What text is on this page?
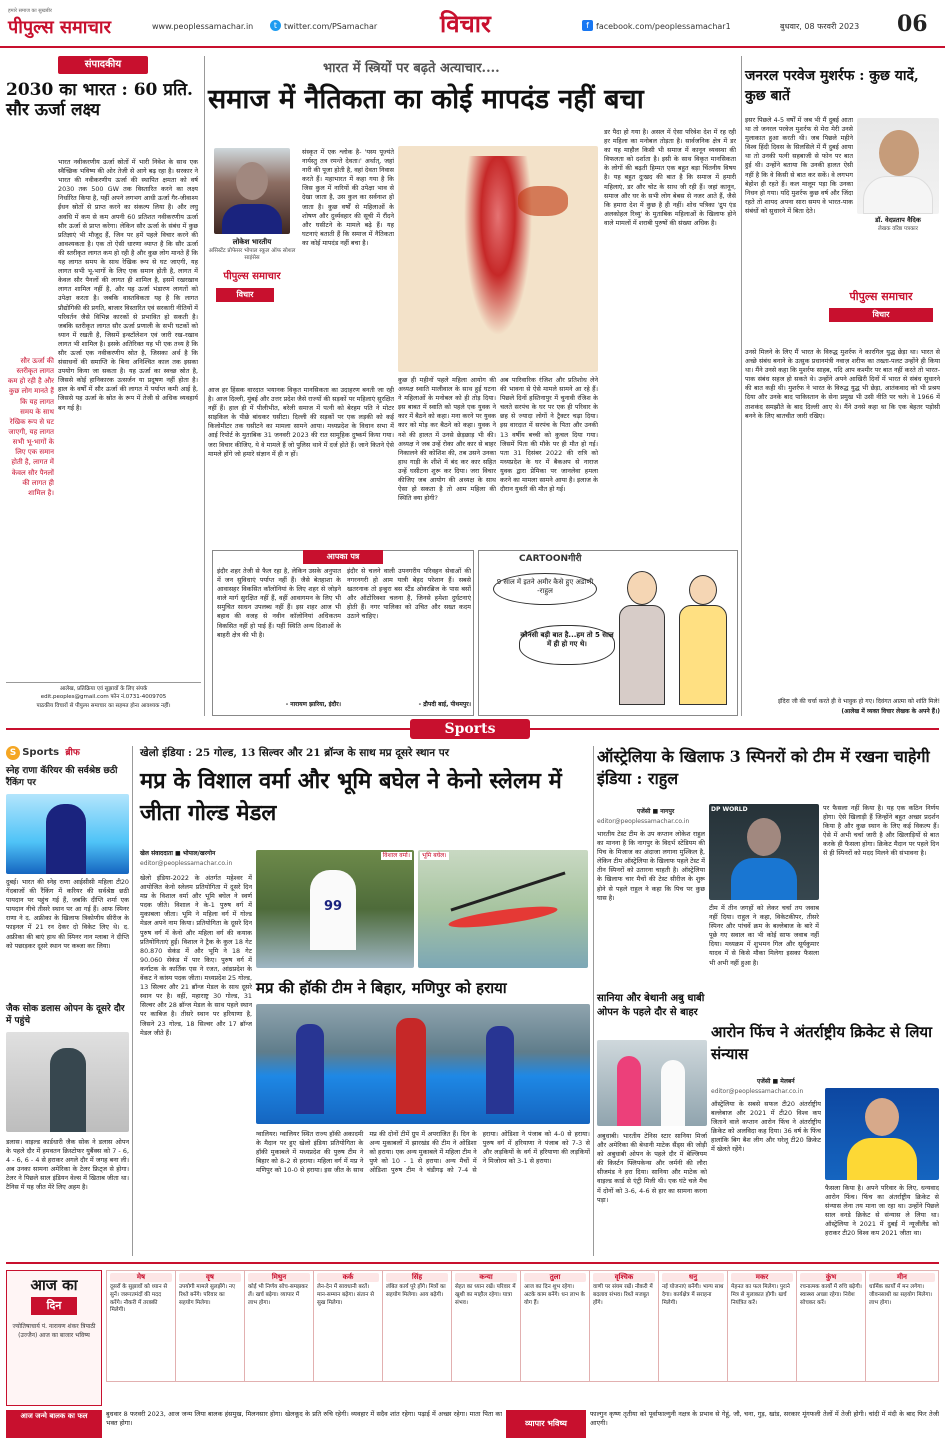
हमारे समाज का सुखबीर
पीपुल्स समाचार	www.peoplessamachar.in	t twitter.com/PSamachar	विचार	f facebook.com/peoplessamachar1	बुधवार, 08 फरवरी 2023 06
संपादकीय
2030 का भारत : 60 प्रति. सौर ऊर्जा लक्ष्य
भारत नवीकरणीय ऊर्जा स्रोतों में भारी निवेश के साथ एक स्वैच्छिक भविष्य की ओर तेजी से आगे बढ़ रहा है। सरकार ने भारत की नवीकरणीय ऊर्जा की स्थापित क्षमता को वर्ष 2030 तक 500 GW तक विस्तारित करने का लक्ष्य निर्धारित किया है, यहीं अपने लगभग आधी ऊर्जा गैर-जीवाश्म ईंधन स्रोतों से प्राप्त करने का संकल्प लिया है। और लघु अवधि में कम से कम अपनी 60 प्रतिशत नवीकरणीय ऊर्जा सौर ऊर्जा से प्राप्त करेगा। लेकिन सौर ऊर्जा के संबंध में कुछ प्रतिज्ञाएं भी मौजूद हैं, जिन पर हमें पहले विचार करने की आवश्यकता है। एक तो ऐसी धारणा व्याप्त है कि सौर ऊर्जा की स्तरीकृत लागत कम हो रही है और कुछ लोग मानते हैं कि यह लागत समय के साथ रेखिक रूप से घट जाएगी, यह लागत सभी भू-भागों के लिए एक समान होती है, लागत में केवल सौर पैनलों की लागत ही शामिल है, इसमें रखरखाव लागत शामिल नहीं है, और यह ऊर्जा भंडारण लागतों को उपेक्षा करता है। जबकि वास्तविकता यह है कि लागत प्रौद्योगिकी की प्रगति, बाजार विस्तारित एवं सरकारी नीतियों में परिवर्तन जैसे विभिन्न कारकों से प्रभावित हो सकती है। जबकि स्तरीकृत लागत सौर ऊर्जा प्रणाली के सभी घटकों को ध्यान में रखती है, जिसमें इन्स्टॉलेशन एवं जारी रख-रखाव लागत भी शामिल है। इसके अतिरिक्त यह भी एक तथ्य है कि सौर ऊर्जा एक नवीकरणीय स्रोत है, जिसका अर्थ है कि संसाधनों की समाप्ति के बिना अनिश्चित काल तक इसका उपयोग किया जा सकता है। यह ऊर्जा का स्वच्छ स्रोत है, जिससे कोई हानिकारक उत्सर्जन या प्रदूषण नहीं होता है। हाल के वर्षों में सौर ऊर्जा की लागत में पर्याप्त कमी आई है, जिससे यह ऊर्जा के स्रोत के रूप में तेजी से अधिक व्यवहार्य बन गई है।
सौर ऊर्जा की स्तरीकृत लागत कम हो रही है और कुछ लोग मानते हैं कि यह लागत समय के साथ रेखिक रूप से घट जाएगी, यह लागत सभी भू-भागों के लिए एक समान होती है, लागत में केवल सौर पैनलों की लागत ही शामिल है।
आलेख, प्रतिक्रिया एवं सुझावों के लिए संपर्क
edit.peoples@gmail.com फोन नं.0731-4009705
पाठकीय विचारों से पीपुल्स समाचार का सहमत होना आवश्यक नहीं।
भारत में स्त्रियों पर बढ़ते अत्याचार....
समाज में नैतिकता का कोई मापदंड नहीं बचा
लोकेश भारतीय
असिस्टेंट प्रोफेसर भोपाल स्कूल ऑफ सोशल साइंसेस
पीपुल्स समाचार
विचार
संस्कृत में एक श्लोक है- 'यस्य पूज्यंते नार्यस्तु तत्र रमन्ते देवता।' अर्थात्, जहां नारी की पूजा होती है, वहां देवता निवास करते हैं। महाभारत में कहा गया है कि जिस कुल में नारियों की उपेक्षा भाव से देखा जाता है, उस कुल का सर्वनाश हो जाता है। कुछ वर्षों से महिलाओं के शोषण और दुर्व्यवहार की सूची में रौंदने और घसीटने के मामले बढ़े हैं। यह घटनाएं बताती हैं कि समाज में नैतिकता का कोई मापदंड नहीं बचा है।
आज हर हिंसक वारदात भयानक विकृत मानसिकता का उदाहरण बनती जा रही है। आज दिल्ली, मुंबई और उत्तर प्रदेश जैसे राज्यों की सड़कों पर महिलाएं सुरक्षित नहीं हैं। हाल ही में पीलीभीत, बरेली समाज में पत्नी को बेरहम पति ने मोटर साइकिल के पीछे बांधकर घसीटा। दिल्ली की सड़कों पर एक लड़की को कई किलोमीटर तक घसीटने का मामला सामने आया। मध्यप्रदेश के विधान सभा में आई रिपोर्ट के मुताबिक 31 जनवरी 2023 की रात सामूहिक दुष्कर्म किया गया। जरा विचार कीजिए, ये वे मामले हैं जो पुलिस थाने में दर्ज होते हैं। जाने कितने ऐसे मामले होंगे जो हमारे संज्ञान में ही न हों।
कुछ ही महीनों पहले महिला आयोग की अध्यक्ष स्वाति मालीवाल के साथ हुई घटना ने महिलाओं के मनोबल को ही तोड़ दिया। इस बाबत में स्वाति को पहले एक युवक ने कार में बैठने को कहा। मना करने पर युवक कार को मोड़ कर बैठने को कहा। युवक ने नशे की हालत में उनसे छेड़छाड़ भी की। अध्यक्ष ने जब उन्हें रोका और कार से बाहर निकालने की कोशिश की, तब उसने उनका हाथ गाड़ी के शीशे में बंद कर कार सहित उन्हें घसीटना शुरू कर दिया। जरा विचार कीजिए जब आयोग की अध्यक्ष के साथ ऐसा हो सकता है तो आम महिला की स्थिति क्या होगी?
अब पारिवारिक रंजिश और प्रतिशोध लेने की भावना से ऐसे मामले सामने आ रहे हैं। पिछले दिनों हस्तिनापुर में चुनावी रंजिश के चलते सरपंच के घर पर एक ही परिवार के छह से ज्यादा लोगों ने ट्रैक्टर चढ़ा दिया। इस वारदात में सरपंच के पिता और उनकी 13 वर्षीय बच्ची को कुचल दिया गया। जिसमें पिता की मौके पर ही मौत हो गई। पता 31 दिसंबर 2022 की रात्रि को मध्यप्रदेश के घर में बैकअप से नाराज युवक द्वारा प्रेमिका पर जानलेवा हमला करने का मामला सामने आया है। इलाज के दौरान युवती की मौत हो गई।
डर पैदा हो गया है। असल में ऐसा परिवेश देश में रह रही हर महिला का मनोबल तोड़ता है। सार्वजनिक क्षेत्र में डर का यह माहौल किसी भी समाज में कानून व्यवस्था की विफलता को दर्शाता है। इसी के साथ विकृत मानसिकता के लोगों की बढ़ती हिम्मत एक बहुत बड़ा चिंतनीय विषय है। यह बहुत दुःखद की बात है कि समाज में हमारी महिलाएं, डर और चोट के साथ जी रही हैं। जहां कानून, समाज और घर के सभी लोग बेबस से नजर आते हैं, जैसे कि हमारा देश में कुछ है ही नहीं। शोध पत्रिका 'द्रुप एंड अलकोहल रिव्यु' के मुताबिक महिलाओं के खिलाफ होने वाले मामलों में शराबी पुरुषों की संख्या अधिक है।
आपका पत्र
इंदौर शहर तेजी से फैल रहा है, लेकिन उसके अनुपात में जन सुविधाएं पर्याप्त नहीं हैं। जैसे बेतहाशा के आवासहर विकसित कॉलोनियां के लिए शहर से जोड़ने वाले मार्ग सुरक्षित नहीं हैं, वहीं आवागमन के लिए भी समुचित साधन उपलब्ध नहीं हैं। इस शहर आज भी बहाव की वजह से नवीन कॉलोनियां अधिकतम विकसित नहीं हो पाई हैं। यहीं स्थिति अन्य दिशाओं के बाहरी क्षेत्र की भी है।
- नारायण झारिया, इंदौर।
इंदौर से चलने वाली उपनगरीय परिवहन सेवाओं की नगरनगरी हो आम यात्री बेहद परेशान हैं। सबसे खतरनाक तो इन्हुरा बस स्टैंड ओवरब्रिज के पास बसों और ऑटोरिक्शा चलना है, जिनसे हमेशा दुर्घटनाएं होती हैं। नगर पालिका को उचित और सख्त कदम उठाने चाहिए।
- द्रौपदी बाई, पीथमपुर।
CARTOONगीरी
9 साल में इतने अमीर कैसे हुए अडाणी -राहुल
कौनसी बड़ी बात है...हम तो 5 साल में ही हो गए थे।
जनरल परवेज मुशर्रफ : कुछ यादें, कुछ बातें
इसर पिछले 4-5 वर्षों में जब भी मैं दुबई आता था तो जनरल परवेज मुशर्रफ से मेरा मेरी उनसे मुलाकात हुआ करती थी। जब पिछले महीने विश्व हिंदी दिवस के सिलसिले में मैं दुबई आया था तो उनकी पत्नी सहबाजी से फोन पर बात हुई थी। उन्होंने बताया कि उनकी हालत ऐसी नहीं है कि वे किसी से बात कर सकें। वे लगभग बेहोश ही रहते हैं। कल मालूम पड़ा कि उनका निधन हो गया। यदि मुशर्रफ कुछ वर्ष और जिंदा रहते तो शायद अपना सारा समय वे भारत-पाक संबंधों को सुधारने में बिता देते।
डॉ. वेदप्रताप वैदिक
लेखक वरिष्ठ पत्रकार
पीपुल्स समाचार
विचार
उनसे मिलने के लिए मैं भारत के विरुद्ध मुशर्रफ ने कारगिल युद्ध छेड़ा था। भारत से अच्छे संबंध बनाने के उत्सुक प्रधानमंत्री नवाज़ शरीफ का तख्ता-पलट उन्होंने ही किया था। मैंने उनसे कहा कि मुशर्रफ साहब, यदि आप कश्मीर पर बात नहीं करते तो भारत-पाक संबंध सहज हो सकते थे। उन्होंने अपने आखिरी दिनों में भारत से संबंध सुधारने की बात कही थी। मुशर्रफ ने भारत के विरुद्ध युद्ध भी छेड़ा, आतंकवाद को भी प्रश्रय दिया और उनके बाद पाकिस्तान के सेना प्रमुख भी उसी नीति पर चले। वे 1966 में ताशकंद समझौते के बाद दिल्ली आए थे। मैंने उनसे कहा था कि एक बेहतर पड़ोसी बनने के लिए बातचीत जारी रखिए।
इंदिरा जी की चर्चा करते ही वे भावुक हो गए। दिवंगत आत्मा को शांति मिले!
(आलेख में व्यक्त विचार लेखक के अपने हैं।)
Sports
S Sports ब्रीफ
स्नेह राणा कॅरियर की सर्वश्रेष्ठ छठी रैंकिंग पर
दुबई। भारत की स्नेह राणा आईसीसी महिला टी20 गेंदबाजों की रैंकिंग में करियर की सर्वश्रेष्ठ छठी पायदान पर पहुंच गई हैं, जबकि दीप्ति शर्मा एक पायदान नीचे तीसरे स्थान पर आ गई हैं। आफ स्पिनर राणा ने द. अफ्रीका के खिलाफ त्रिकोणीय सीरीज के फाइनल में 21 रन देकर दो विकेट लिए थे। द. अफ्रीका की बाएं हाथ की स्पिनर नान म्लाबा ने दीप्ति को पछाड़कर दूसरे स्थान पर कब्जा कर लिया।
जैक सोक डलास ओपन के दूसरे दौर में पहुंचे
डलास। वाइल्ड कार्डधारी जैक सोक ने डलास ओपन के पहले दौर में हमवतन क्रिस्टोफर युबैंक्स को 7 - 6, 4 - 6, 6 - 4 से हराकर अगले दौर में जगह बना ली। अब उनका सामना अमेरिका के टेलर फ्रिट्ज से होगा। टेलर ने पिछले साल इंडियन वेल्स में खिताब जीता था। टैनिस में यह जीत मेरे लिए अहम है।
खेलो इंडिया : 25 गोल्ड, 13 सिल्वर और 21 ब्रॉन्ज के साथ मप्र दूसरे स्थान पर
मप्र के विशाल वर्मा और भूमि बघेल ने केनो स्लेलम में जीता गोल्ड मेडल
खेल संवाददाता ■ भोपाल/खरगोन
editor@peoplessamachar.co.in
खेलो इंडिया-2022 के अंतर्गत महेश्वर में आयोजित केनो स्लेलम प्रतियोगिता में दूसरे दिन मप्र के विशाल वर्मा और भूमि बघेल ने स्वर्ण पदक जीते। विशाल ने के-1 पुरुष वर्ग में मुकाबला जीता। भूमि ने महिला वर्ग में गोल्ड मेडल अपने नाम किया। प्रतियोगिता के दूसरे दिन पुरुष वर्ग में केनो और महिला वर्ग की कयाक प्रतियोगिताएं हुईं। विशाल ने ट्रैक के कुल 18 गेट 80.870 सेकंड में और भूमि ने 18 गेट 90.060 सेकंड में पार किए। पुरुष वर्ग में कर्नाटक के कार्तिक एस ने रजत, आंध्रप्रदेश के वेंकट ने कांस्य पदक जीता। मध्यप्रदेश 25 गोल्ड, 13 सिल्वर और 21 ब्रॉन्ज मेडल के साथ दूसरे स्थान पर है। वहीं, महाराष्ट्र 30 गोल्ड, 31 सिल्वर और 28 ब्रॉन्ज मेडल के साथ पहले स्थान पर काबिज है। तीसरे स्थान पर हरियाणा है, जिसने 23 गोल्ड, 18 सिल्वर और 17 ब्रॉन्ज मेडल जीते हैं।
विशाल वर्मा।
99
भूमि बघेल।
मप्र की हॉकी टीम ने बिहार, मणिपुर को हराया
ग्वालियर। ग्वालियर स्थित राज्य हॉकी अकादमी के मैदान पर हुए खेलो इंडिया प्रतियोगिता के हॉकी मुकाबले में मध्यप्रदेश की पुरुष टीम ने बिहार को 8-2 से हराया। महिला वर्ग में मप्र ने मणिपुर को 10-0 से हराया। इस जीत के साथ मप्र की दोनों टीमें ग्रुप में अपराजित हैं। दिन के अन्य मुकाबलों में झारखंड की टीम ने ओडिशा को हराया। एक अन्य मुकाबले में महिला टीम ने पुणे को 10 - 1 से हराया। अन्य मैचों में ओडिशा पुरुष टीम ने चंडीगढ़ को 7-4 से हराया। ओडिशा ने पंजाब को 4-0 से हराया। पुरुष वर्ग में हरियाणा ने पंजाब को 7-3 से और लड़कियों के वर्ग में हरियाणा की लड़कियों ने मिजोरम को 3-1 से हराया।
ऑस्ट्रेलिया के खिलाफ 3 स्पिनरों को टीम में रखना चाहेगी इंडिया : राहुल
एजेंसी ■ नागपुर
editor@peoplessamachar.co.in
भारतीय टेस्ट टीम के उप कप्तान लोकेश राहुल का मानना है कि नागपुर के विदर्भ स्टेडियम की पिच के मिजाज का अंदाजा लगाना मुश्किल है, लेकिन टीम ऑस्ट्रेलिया के खिलाफ पहले टेस्ट में तीन स्पिनरों को उतारना चाहती है। ऑस्ट्रेलिया के खिलाफ चार मैचों की टेस्ट सीरीज के शुरू होने से पहले राहुल ने कहा कि पिच पर कुछ घास है।
DP WORLD
टीम में तीन जगहों को लेकर चर्चा तय जवाब नहीं दिया। राहुल ने कहा, विकेटकीपर, तीसरे स्पिनर और पांचवें क्रम के बल्लेबाज के बारे में पूछे गए सवाल का भी कोई साफ जवाब नहीं दिया। मध्यक्रम में शुभमन गिल और सूर्यकुमार यादव में से किसे मौका मिलेगा इसका फैसला भी अभी नहीं हुआ है।
पर फैसला नहीं किया है। यह एक कठिन निर्णय होगा। ऐसे खिलाड़ी हैं जिन्होंने बहुत अच्छा प्रदर्शन किया है और कुछ स्थान के लिए कई विकल्प हैं। ऐसे में अभी चर्चा जारी है और खिलाड़ियों से बात करके ही फैसला होगा। क्रिकेट मैदान पर पहले दिन से ही स्पिनरों को मदद मिलने की संभावना है।
सानिया और बेथानी अबु धाबी ओपन के पहले दौर से बाहर
अबुधाबी। भारतीय टेनिस स्टार सानिया मिर्जा और अमेरिका की बेथानी माटेक सैंड्स की जोड़ी को अबुधाबी ओपन के पहले दौर में बेल्जियम की किर्स्टन फ्लिपकेन्स और जर्मनी की लौरा सीजमंड ने हरा दिया। सानिया और माटेक को वाइल्ड कार्ड से एंट्री मिली थी। एक घंटे चले मैच में दोनों को 3-6, 4-6 से हार का सामना करना पड़ा।
आरोन फिंच ने अंतर्राष्ट्रीय क्रिकेट से लिया संन्यास
एजेंसी ■ मेलबर्न
editor@peoplessamachar.co.in
ऑस्ट्रेलिया के सबसे सफल टी20 अंतर्राष्ट्रीय बल्लेबाज और 2021 में टी20 विश्व कप जिताने वाले कप्तान आरोन फिंच ने अंतर्राष्ट्रीय क्रिकेट को अलविदा कह दिया। 36 वर्ष के फिंच हालांकि बिग बैश लीग और घरेलू टी20 क्रिकेट में खेलते रहेंगे।
फैसला किया है। अपने परिवार के लिए, धन्यवाद आरोन फिंच। फिंच का अंतर्राष्ट्रीय क्रिकेट से संन्यास लेना तय माना जा रहा था। उन्होंने पिछले साल वनडे क्रिकेट से संन्यास ले लिया था। ऑस्ट्रेलिया ने 2021 में दुबई में न्यूजीलैंड को हराकर टी20 विश्व कप 2021 जीता था।
आज का
दिन
ज्योतिषाचार्य पं. नारायण शंकर त्रिपाठी (उज्जैन) आज का बाजार भविष्य
मेष
दूसरों के सुझावों को ध्यान से सुनें। जरूरतमंदों की मदद करेंगे। नौकरी में तरक्की मिलेगी।
वृष
उपयोगी मामले सुलझेंगे। नए रिश्ते बनेंगे। परिवार का सहयोग मिलेगा।
मिथुन
कोई भी निर्णय सोच-समझकर लें। खर्च बढ़ेगा। व्यापार में लाभ होगा।
कर्क
लेन-देन में सावधानी बरतें। मान-सम्मान बढ़ेगा। संतान से सुख मिलेगा।
सिंह
लंबित कार्य पूरे होंगे। मित्रों का सहयोग मिलेगा। आय बढ़ेगी।
कन्या
सेहत का ध्यान रखें। परिवार में खुशी का माहौल रहेगा। यात्रा संभव।
तुला
आज का दिन शुभ रहेगा। अटके काम बनेंगे। धन लाभ के योग हैं।
वृश्चिक
वाणी पर संयम रखें। नौकरी में बदलाव संभव। रिश्ते मजबूत होंगे।
धनु
नई योजनाएं बनेंगी। भाग्य साथ देगा। कार्यक्षेत्र में सराहना मिलेगी।
मकर
मेहनत का फल मिलेगा। पुराने मित्र से मुलाकात होगी। खर्च नियंत्रित करें।
कुंभ
रचनात्मक कार्यों में रुचि बढ़ेगी। स्वास्थ्य अच्छा रहेगा। निवेश सोचकर करें।
मीन
धार्मिक कार्यों में मन लगेगा। जीवनसाथी का सहयोग मिलेगा। लाभ होगा।
आज जन्मे बालक का फल	बुधवार 8 फरवरी 2023, आज जन्म लिया बालक हंसमुख, मिलनसार होगा। खेलकूद के प्रति रुचि रहेगी। व्यवहार में सदैव शांत रहेगा। पढ़ाई में अच्छा रहेगा। माता पिता का भक्त होगा।	व्यापार भविष्य
फाल्गुन कृष्ण तृतीया को पूर्वाफाल्गुनी नक्षत्र के प्रभाव से गेहूं, जौ, चना, गुड़, खांड, सरकार मूंगफली तेलों में तेजी होगी। चांदी में मंदी के बाद फिर तेजी आएगी।
